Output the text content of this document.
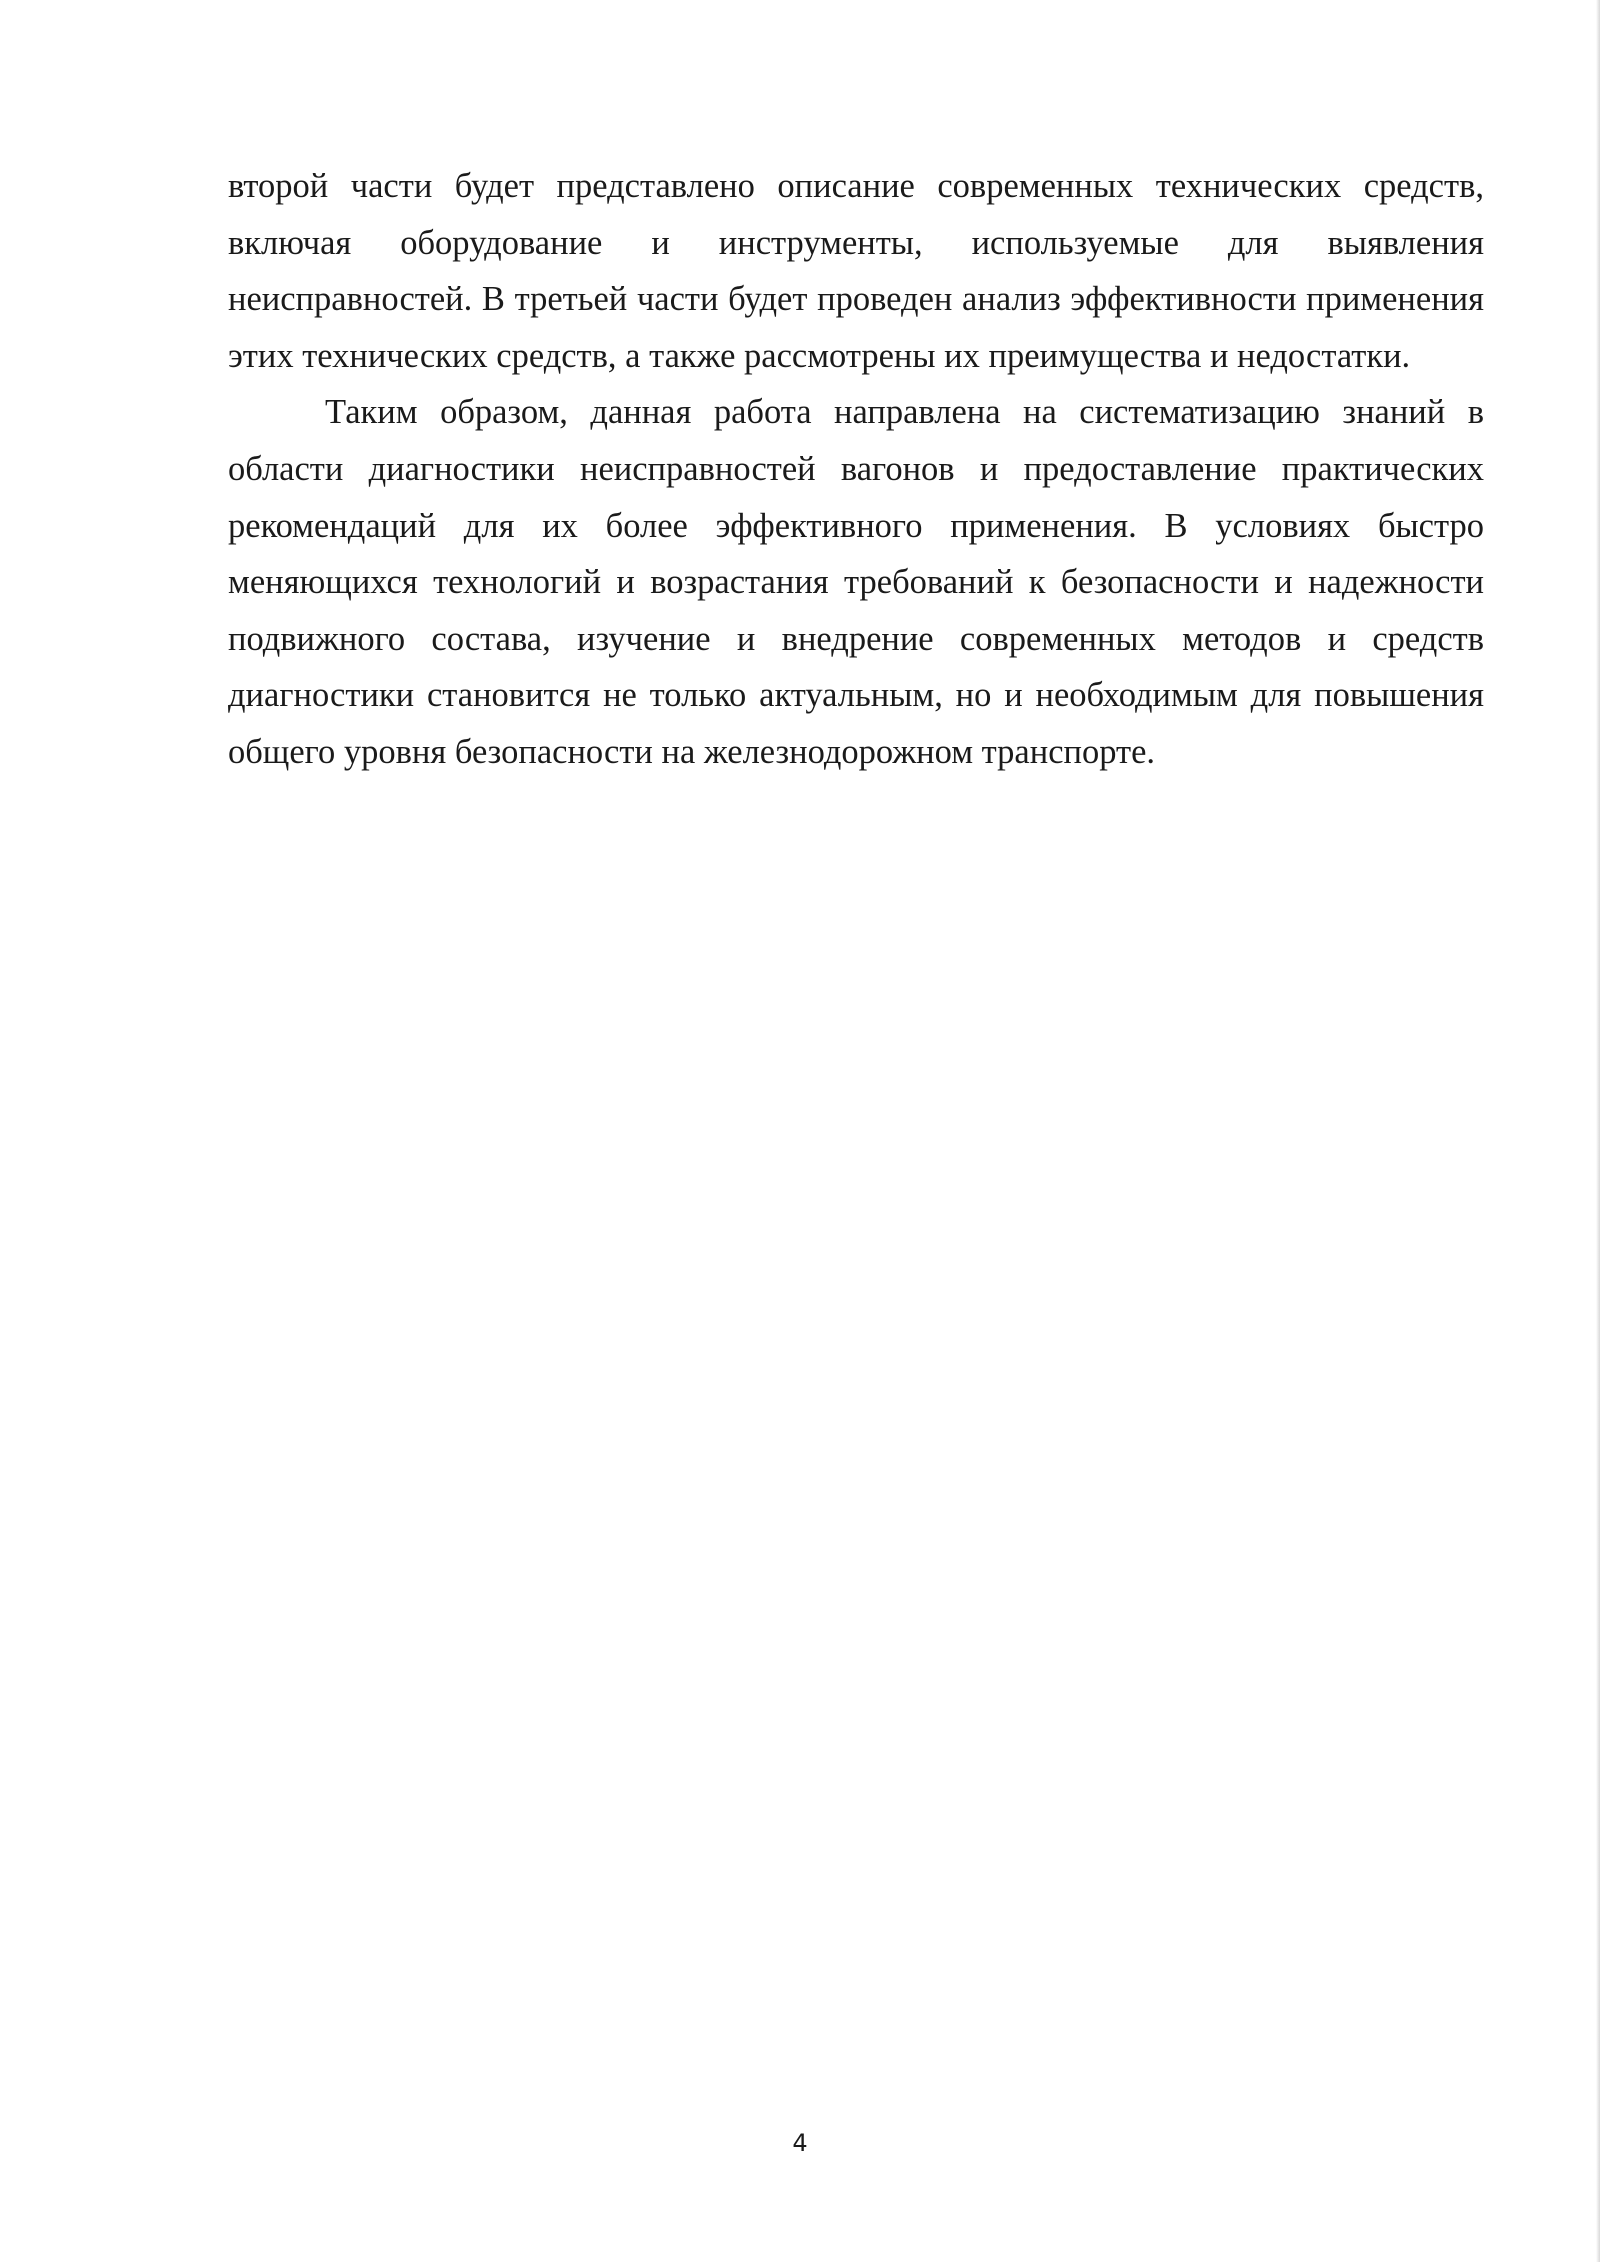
второй части будет представлено описание современных технических средств, включая оборудование и инструменты, используемые для выявления неисправностей. В третьей части будет проведен анализ эффективности применения этих технических средств, а также рассмотрены их преимущества и недостатки.

Таким образом, данная работа направлена на систематизацию знаний в области диагностики неисправностей вагонов и предоставление практических рекомендаций для их более эффективного применения. В условиях быстро меняющихся технологий и возрастания требований к безопасности и надежности подвижного состава, изучение и внедрение современных методов и средств диагностики становится не только актуальным, но и необходимым для повышения общего уровня безопасности на железнодорожном транспорте.

4
